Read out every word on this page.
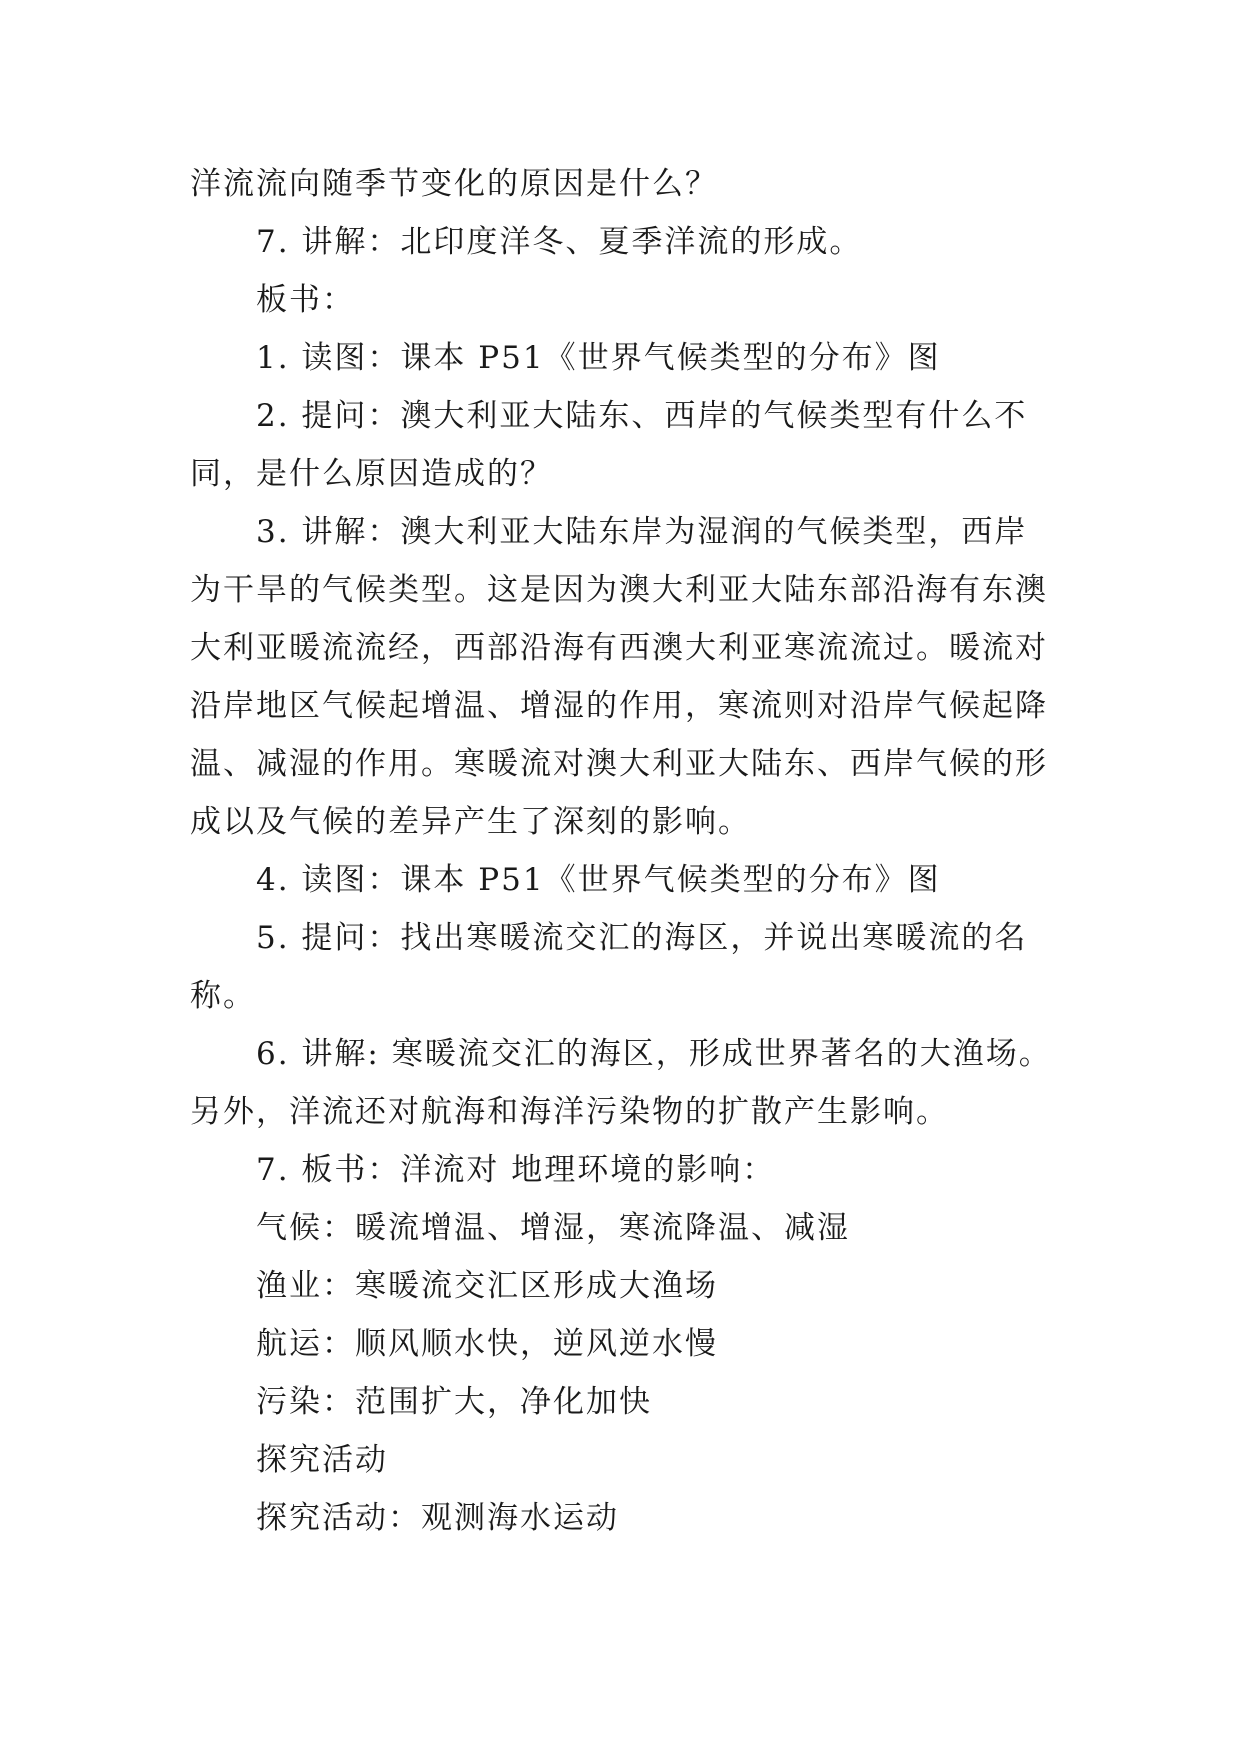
洋流流向随季节变化的原因是什么？
7. 讲解：北印度洋冬、夏季洋流的形成。
板书：
1. 读图：课本 P51《世界气候类型的分布》图
2. 提问：澳大利亚大陆东、西岸的气候类型有什么不
同，是什么原因造成的？
3. 讲解：澳大利亚大陆东岸为湿润的气候类型，西岸
为干旱的气候类型。这是因为澳大利亚大陆东部沿海有东澳
大利亚暖流流经，西部沿海有西澳大利亚寒流流过。暖流对
沿岸地区气候起增温、增湿的作用，寒流则对沿岸气候起降
温、减湿的作用。寒暖流对澳大利亚大陆东、西岸气候的形
成以及气候的差异产生了深刻的影响。
4. 读图：课本 P51《世界气候类型的分布》图
5. 提问：找出寒暖流交汇的海区，并说出寒暖流的名
称。
6. 讲解: 寒暖流交汇的海区，形成世界著名的大渔场。
另外，洋流还对航海和海洋污染物的扩散产生影响。
7. 板书：洋流对 地理环境的影响：
气候：暖流增温、增湿，寒流降温、减湿
渔业：寒暖流交汇区形成大渔场
航运：顺风顺水快，逆风逆水慢
污染：范围扩大，净化加快
探究活动
探究活动：观测海水运动
